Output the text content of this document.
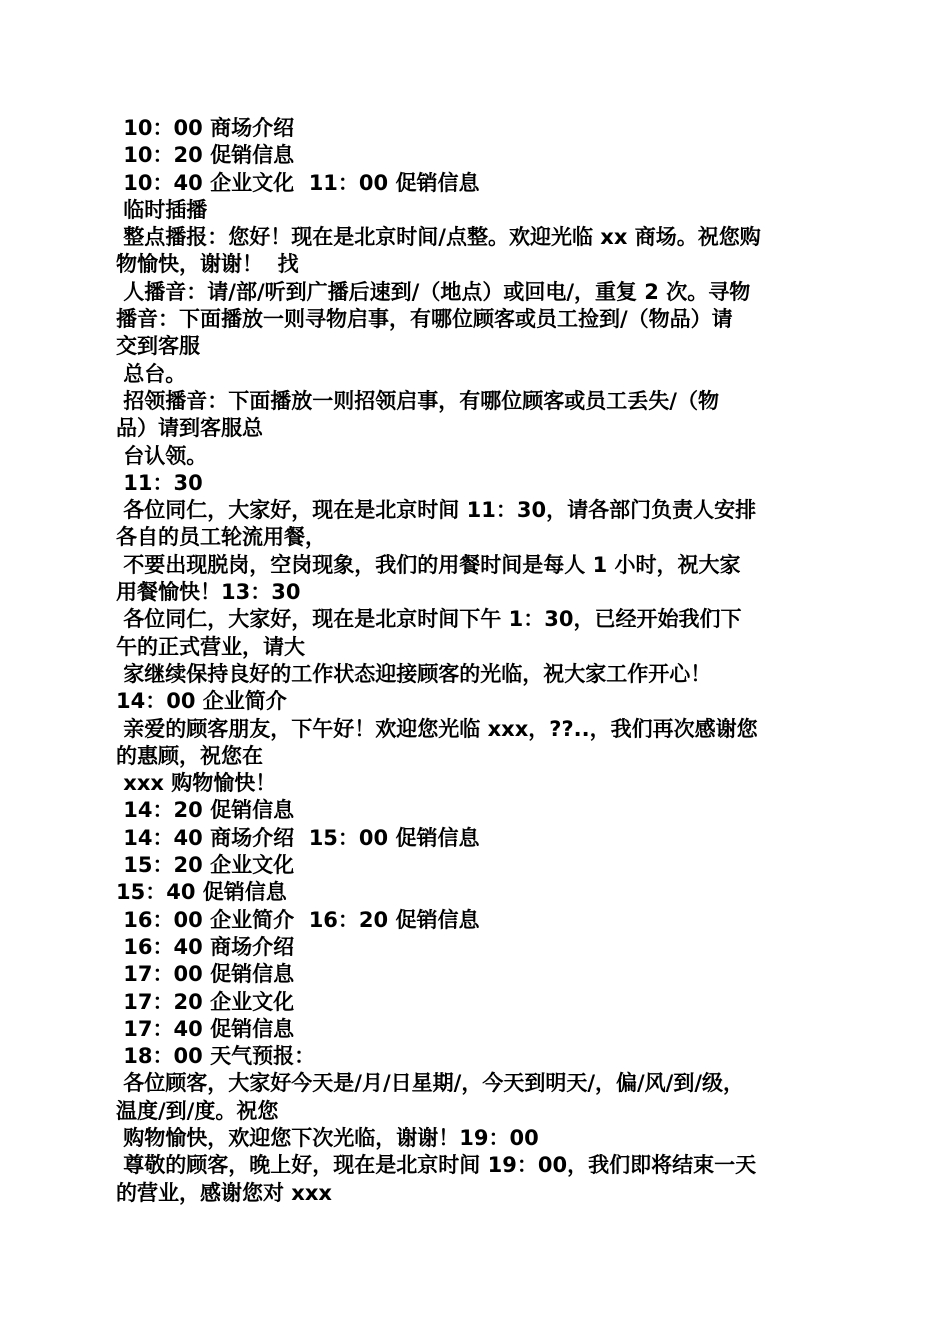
10：00 商场介绍
10：20 促销信息
10：40 企业文化  11：00 促销信息
临时插播
整点播报：您好！现在是北京时间/点整。欢迎光临 xx 商场。祝您购
物愉快，谢谢！  找
人播音：请/部/听到广播后速到/（地点）或回电/，重复 2 次。寻物
播音：下面播放一则寻物启事，有哪位顾客或员工捡到/（物品）请
交到客服
总台。
招领播音：下面播放一则招领启事，有哪位顾客或员工丢失/（物
品）请到客服总
台认领。
11：30
各位同仁，大家好，现在是北京时间 11：30，请各部门负责人安排
各自的员工轮流用餐，
不要出现脱岗，空岗现象，我们的用餐时间是每人 1 小时，祝大家
用餐愉快！13：30
各位同仁，大家好，现在是北京时间下午 1：30，已经开始我们下
午的正式营业，请大
家继续保持良好的工作状态迎接顾客的光临，祝大家工作开心！
14：00 企业简介
亲爱的顾客朋友，下午好！欢迎您光临 xxx，??..，我们再次感谢您
的惠顾，祝您在
xxx 购物愉快！
14：20 促销信息
14：40 商场介绍  15：00 促销信息
15：20 企业文化
15：40 促销信息
16：00 企业简介  16：20 促销信息
16：40 商场介绍
17：00 促销信息
17：20 企业文化
17：40 促销信息
18：00 天气预报：
各位顾客，大家好今天是/月/日星期/，今天到明天/，偏/风/到/级，
温度/到/度。祝您
购物愉快，欢迎您下次光临，谢谢！19：00
尊敬的顾客，晚上好，现在是北京时间 19：00，我们即将结束一天
的营业，感谢您对 xxx
